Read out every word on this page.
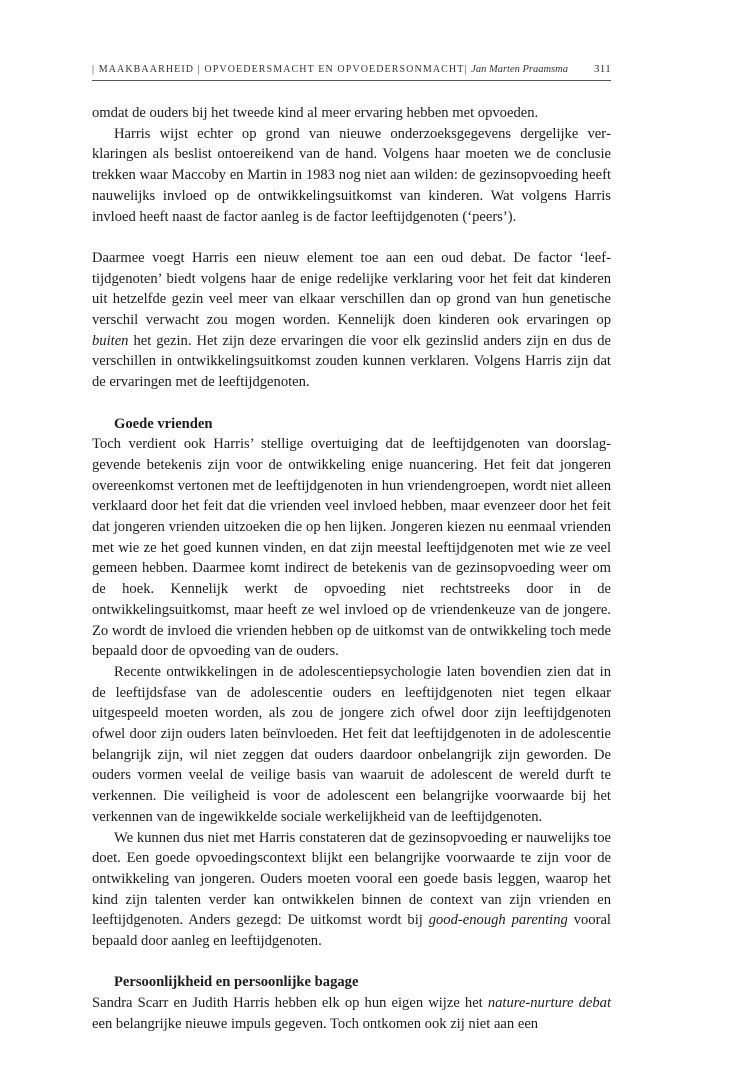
| MAAKBAARHEID | OPVOEDERSMACHT EN OPVOEDERSONMACHT| Jan Marten Praamsma 311

omdat de ouders bij het tweede kind al meer ervaring hebben met opvoeden.

Harris wijst echter op grond van nieuwe onderzoeksgegevens dergelijke verklaringen als beslist ontoereikend van de hand. Volgens haar moeten we de conclusie trekken waar Maccoby en Martin in 1983 nog niet aan wilden: de gezinsopvoeding heeft nauwelijks invloed op de ontwikkelingsuitkomst van kinderen. Wat volgens Harris invloed heeft naast de factor aanleg is de factor leeftijdgenoten (‘peers’).

Daarmee voegt Harris een nieuw element toe aan een oud debat. De factor ‘leeftijdgenoten’ biedt volgens haar de enige redelijke verklaring voor het feit dat kinderen uit hetzelfde gezin veel meer van elkaar verschillen dan op grond van hun genetische verschil verwacht zou mogen worden. Kennelijk doen kinderen ook ervaringen op buiten het gezin. Het zijn deze ervaringen die voor elk gezinslid anders zijn en dus de verschillen in ontwikkelingsuitkomst zouden kunnen verklaren. Volgens Harris zijn dat de ervaringen met de leeftijdgenoten.

Goede vrienden

Toch verdient ook Harris’ stellige overtuiging dat de leeftijdgenoten van doorslaggevende betekenis zijn voor de ontwikkeling enige nuancering. Het feit dat jongeren overeenkomst vertonen met de leeftijdgenoten in hun vriendengroepen, wordt niet alleen verklaard door het feit dat die vrienden veel invloed hebben, maar evenzeer door het feit dat jongeren vrienden uitzoeken die op hen lijken. Jongeren kiezen nu eenmaal vrienden met wie ze het goed kunnen vinden, en dat zijn meestal leeftijdgenoten met wie ze veel gemeen hebben. Daarmee komt indirect de betekenis van de gezinsopvoeding weer om de hoek. Kennelijk werkt de opvoeding niet rechtstreeks door in de ontwikkelingsuitkomst, maar heeft ze wel invloed op de vriendenkeuze van de jongere. Zo wordt de invloed die vrienden hebben op de uitkomst van de ontwikkeling toch mede bepaald door de opvoeding van de ouders.

Recente ontwikkelingen in de adolescentiepsychologie laten bovendien zien dat in de leeftijdsfase van de adolescentie ouders en leeftijdgenoten niet tegen elkaar uitgespeeld moeten worden, als zou de jongere zich ofwel door zijn leeftijdgenoten ofwel door zijn ouders laten beïnvloeden. Het feit dat leeftijdgenoten in de adolescentie belangrijk zijn, wil niet zeggen dat ouders daardoor onbelangrijk zijn geworden. De ouders vormen veelal de veilige basis van waaruit de adolescent de wereld durft te verkennen. Die veiligheid is voor de adolescent een belangrijke voorwaarde bij het verkennen van de ingewikkelde sociale werkelijkheid van de leeftijdgenoten.

We kunnen dus niet met Harris constateren dat de gezinsopvoeding er nauwelijks toe doet. Een goede opvoedingscontext blijkt een belangrijke voorwaarde te zijn voor de ontwikkeling van jongeren. Ouders moeten vooral een goede basis leggen, waarop het kind zijn talenten verder kan ontwikkelen binnen de context van zijn vrienden en leeftijdgenoten. Anders gezegd: De uitkomst wordt bij good-enough parenting vooral bepaald door aanleg en leeftijdgenoten.

Persoonlijkheid en persoonlijke bagage

Sandra Scarr en Judith Harris hebben elk op hun eigen wijze het nature-nurture debat een belangrijke nieuwe impuls gegeven. Toch ontkomen ook zij niet aan een
